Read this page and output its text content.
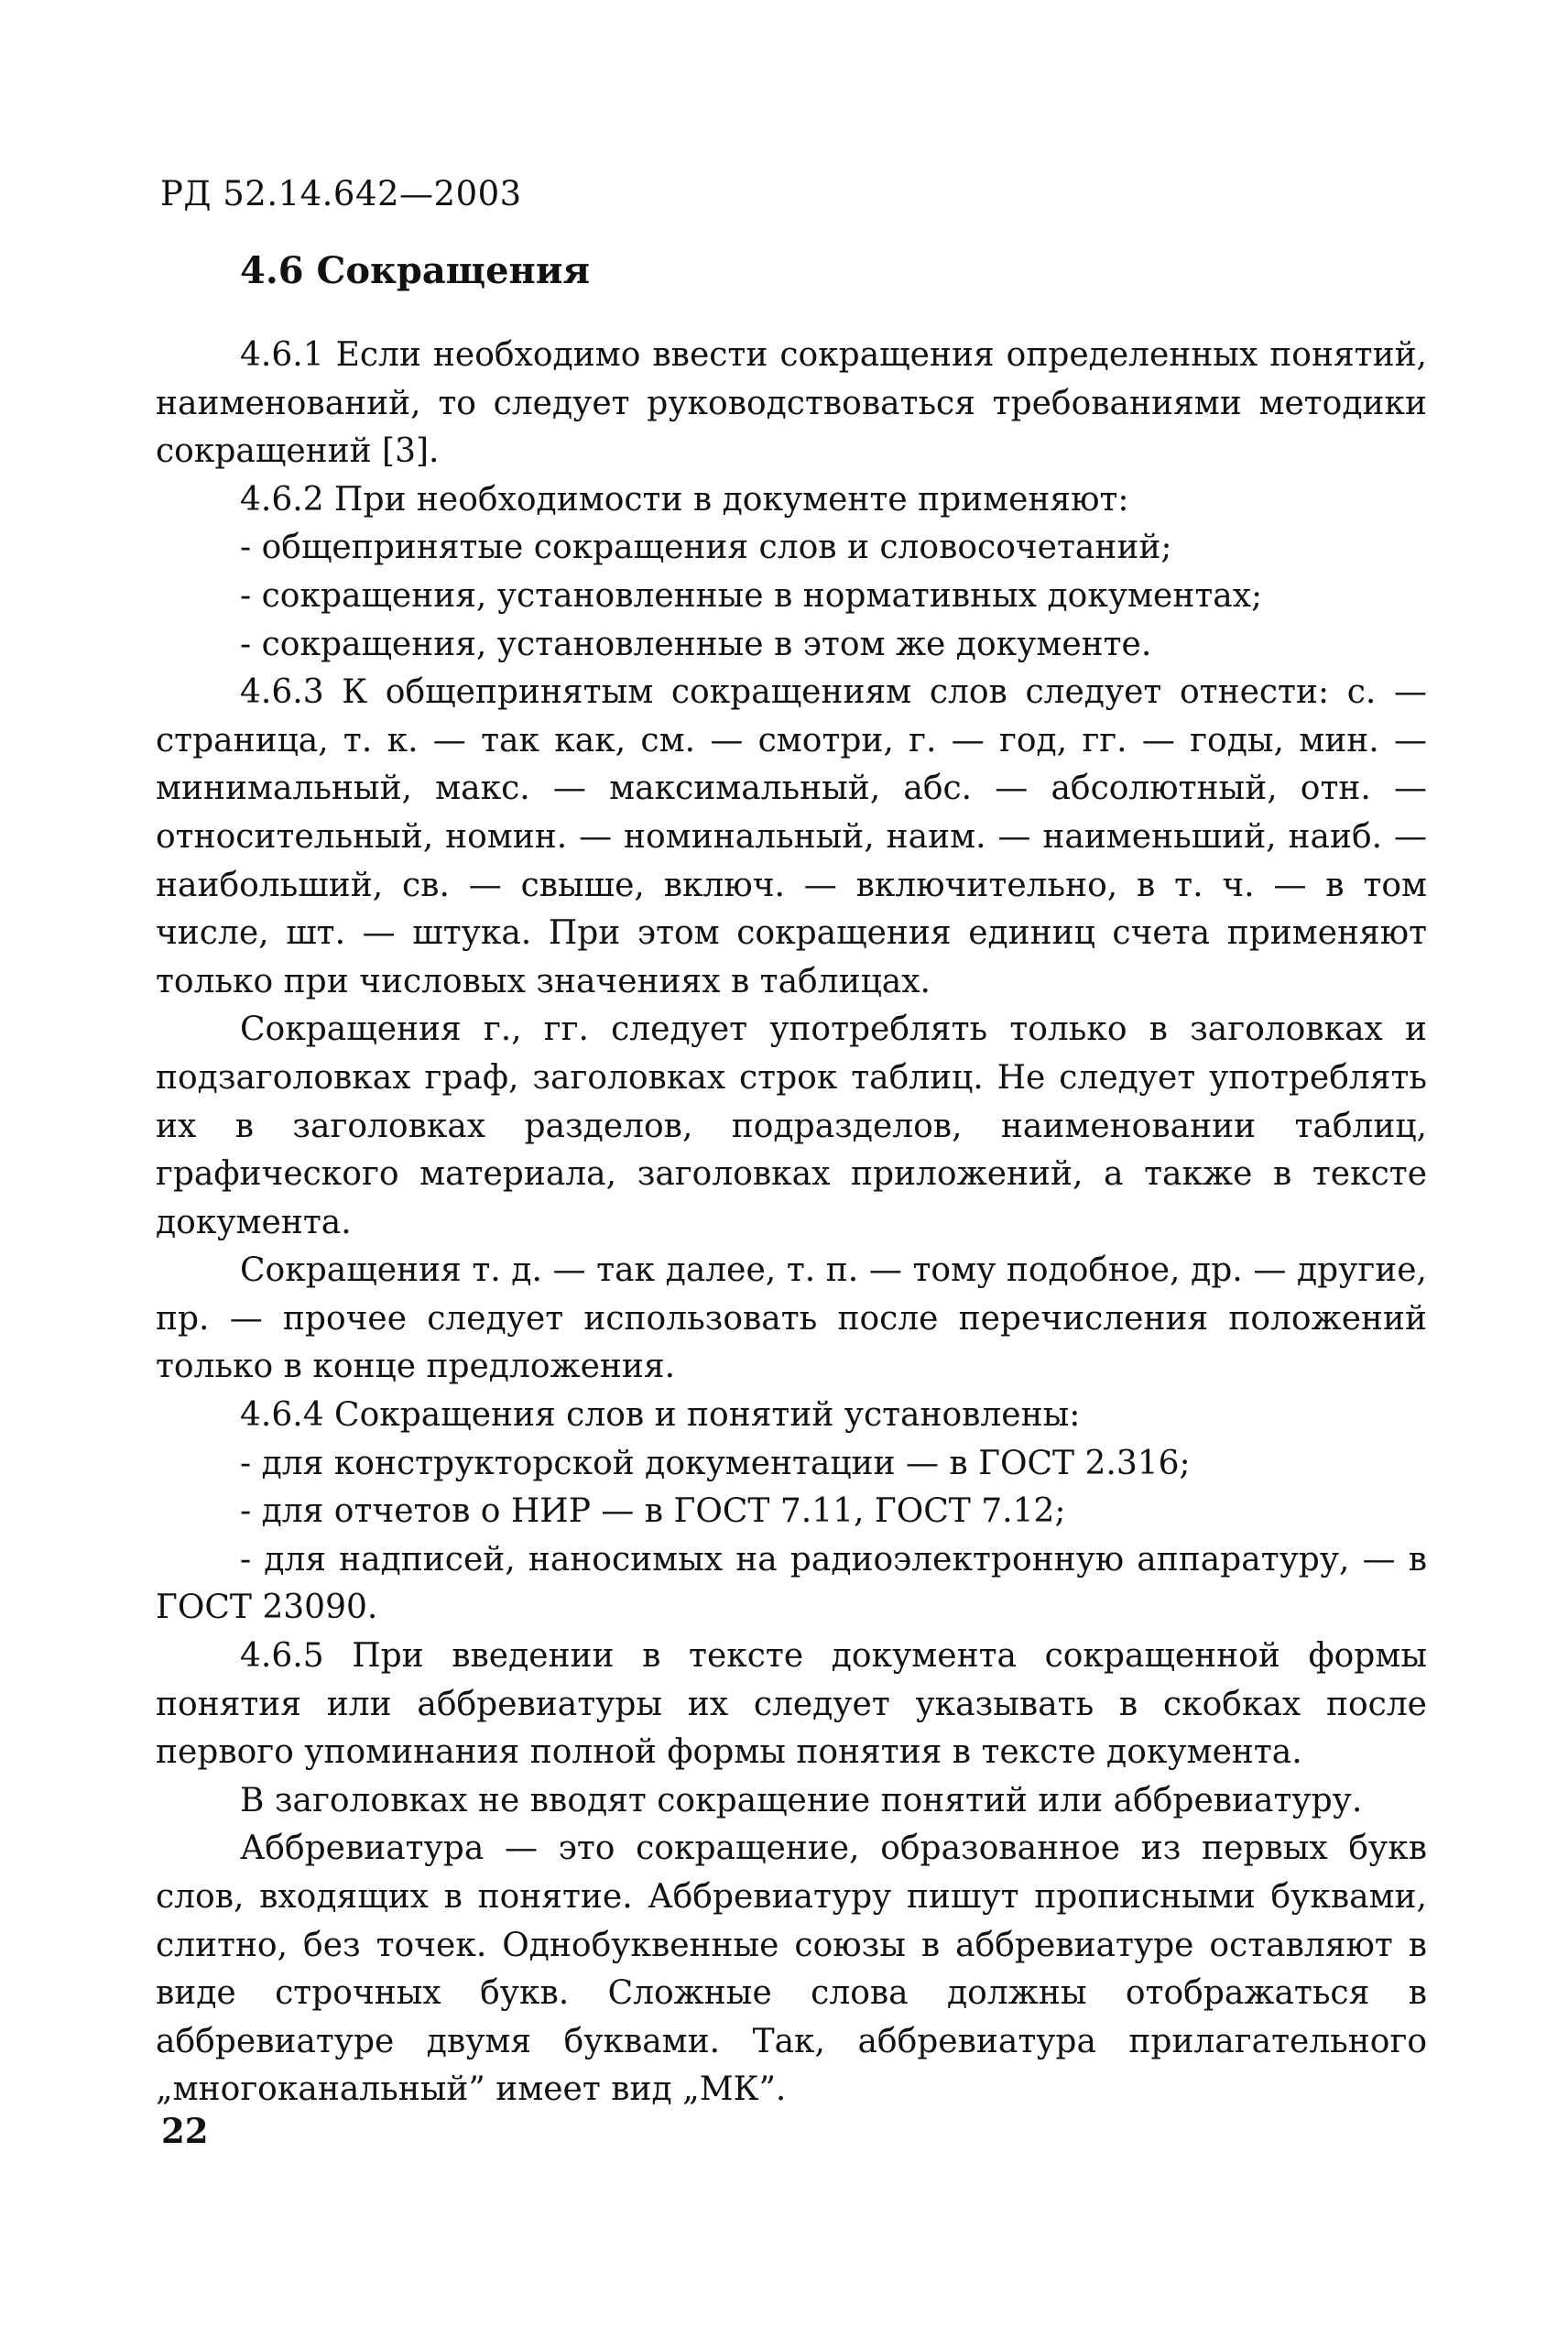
РД 52.14.642—2003
4.6 Сокращения

4.6.1 Если необходимо ввести сокращения определенных понятий, наименований, то следует руководствоваться требованиями методики сокращений [3].

4.6.2 При необходимости в документе применяют:

- общепринятые сокращения слов и словосочетаний;

- сокращения, установленные в нормативных документах;

- сокращения, установленные в этом же документе.

4.6.3 К общепринятым сокращениям слов следует отнести: с. — страница, т. к. — так как, см. — смотри, г. — год, гг. — годы, мин. — минимальный, макс. — максимальный, абс. — абсолютный, отн. — относительный, номин. — номинальный, наим. — наименьший, наиб. — наибольший, св. — свыше, включ. — включительно, в т. ч. — в том числе, шт. — штука. При этом сокращения единиц счета применяют только при числовых значениях в таблицах.

Сокращения г., гг. следует употреблять только в заголовках и подзаголовках граф, заголовках строк таблиц. Не следует употреблять их в заголовках разделов, подразделов, наименовании таблиц, графического материала, заголовках приложений, а также в тексте документа.

Сокращения т. д. — так далее, т. п. — тому подобное, др. — другие, пр. — прочее следует использовать после перечисления положений только в конце предложения.

4.6.4 Сокращения слов и понятий установлены:

- для конструкторской документации — в ГОСТ 2.316;

- для отчетов о НИР — в ГОСТ 7.11, ГОСТ 7.12;

- для надписей, наносимых на радиоэлектронную аппаратуру, — в ГОСТ 23090.

4.6.5 При введении в тексте документа сокращенной формы понятия или аббревиатуры их следует указывать в скобках после первого упоминания полной формы понятия в тексте документа.

В заголовках не вводят сокращение понятий или аббревиатуру.

Аббревиатура — это сокращение, образованное из первых букв слов, входящих в понятие. Аббревиатуру пишут прописными буквами, слитно, без точек. Однобуквенные союзы в аббревиатуре оставляют в виде строчных букв. Сложные слова должны отображаться в аббревиатуре двумя буквами. Так, аббревиатура прилагательного „многоканальный” имеет вид „МК”.

22
